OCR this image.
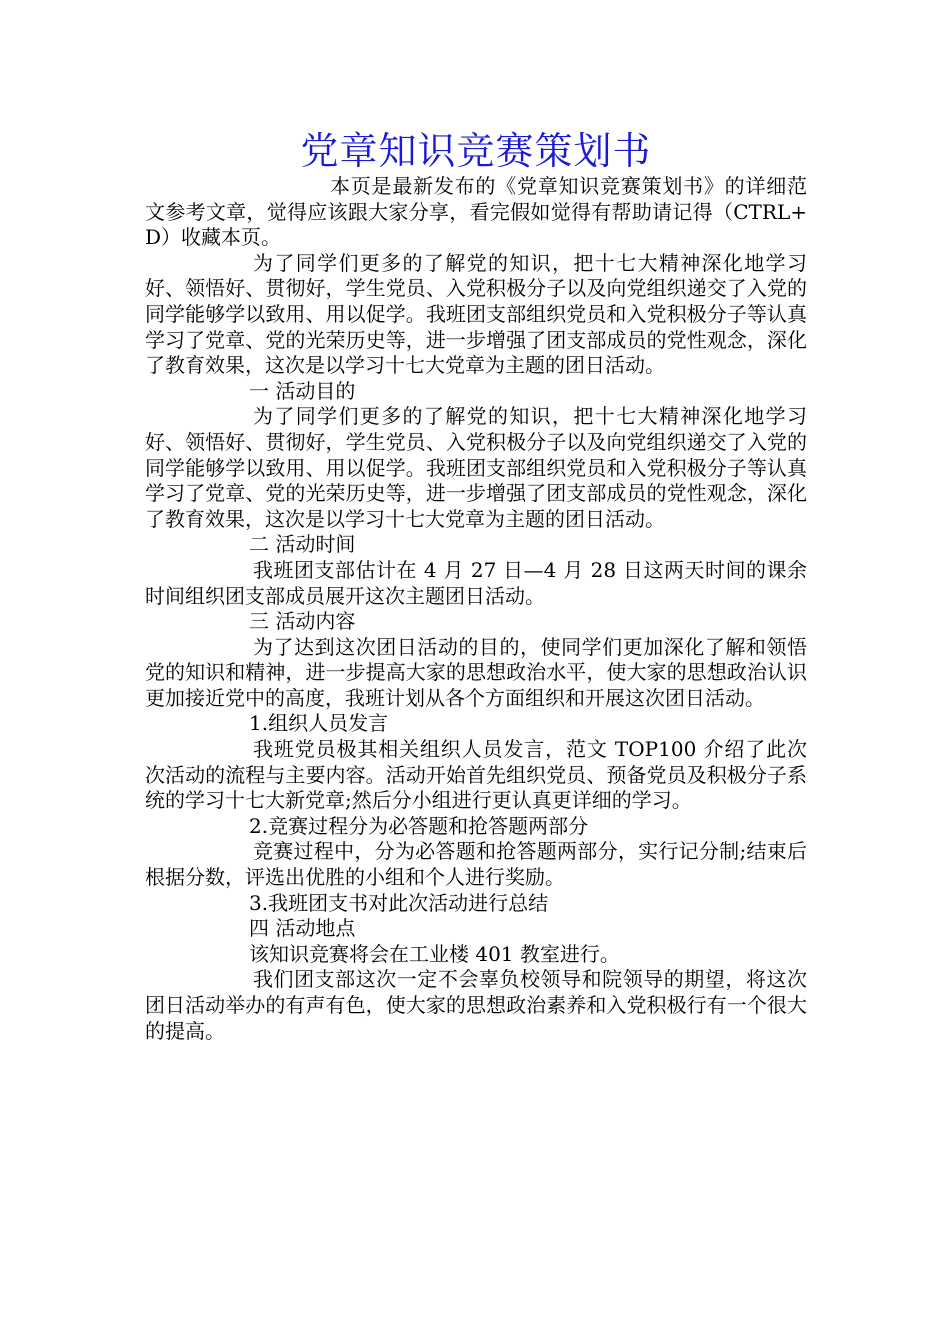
党章知识竞赛策划书

本页是最新发布的《党章知识竞赛策划书》的详细范文参考文章，觉得应该跟大家分享，看完假如觉得有帮助请记得（CTRL+D）收藏本页。

为了同学们更多的了解党的知识，把十七大精神深化地学习好、领悟好、贯彻好，学生党员、入党积极分子以及向党组织递交了入党的同学能够学以致用、用以促学。我班团支部组织党员和入党积极分子等认真学习了党章、党的光荣历史等，进一步增强了团支部成员的党性观念，深化了教育效果，这次是以学习十七大党章为主题的团日活动。

一 活动目的

为了同学们更多的了解党的知识，把十七大精神深化地学习好、领悟好、贯彻好，学生党员、入党积极分子以及向党组织递交了入党的同学能够学以致用、用以促学。我班团支部组织党员和入党积极分子等认真学习了党章、党的光荣历史等，进一步增强了团支部成员的党性观念，深化了教育效果，这次是以学习十七大党章为主题的团日活动。

二 活动时间

我班团支部估计在 4 月 27 日—4 月 28 日这两天时间的课余时间组织团支部成员展开这次主题团日活动。

三 活动内容

为了达到这次团日活动的目的，使同学们更加深化了解和领悟党的知识和精神，进一步提高大家的思想政治水平，使大家的思想政治认识更加接近党中的高度，我班计划从各个方面组织和开展这次团日活动。

1.组织人员发言

我班党员极其相关组织人员发言，范文 TOP100 介绍了此次次活动的流程与主要内容。活动开始首先组织党员、预备党员及积极分子系统的学习十七大新党章;然后分小组进行更认真更详细的学习。

2.竞赛过程分为必答题和抢答题两部分

竞赛过程中，分为必答题和抢答题两部分，实行记分制;结束后根据分数，评选出优胜的小组和个人进行奖励。

3.我班团支书对此次活动进行总结

四 活动地点

该知识竞赛将会在工业楼 401 教室进行。

我们团支部这次一定不会辜负校领导和院领导的期望，将这次团日活动举办的有声有色，使大家的思想政治素养和入党积极行有一个很大的提高。
